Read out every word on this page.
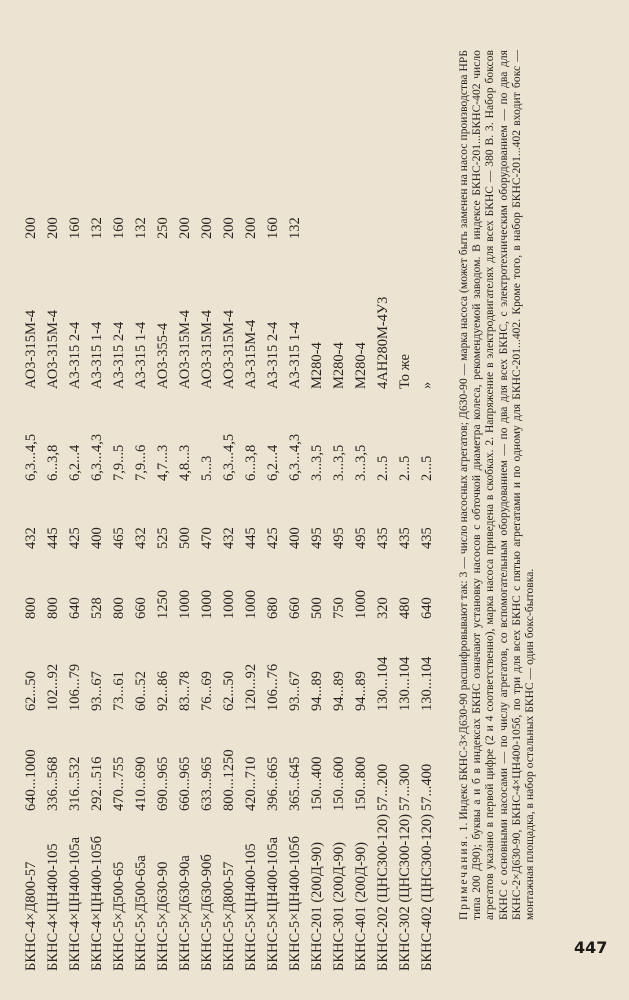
БКНС-4×Д800-57	640...1000	62...50	800	432	6,3...4,5	АО3-315М-4	200
БКНС-4×ЦН400-105	336...568	102...92	800	445	6...3,8	АО3-315М-4	200
БКНС-4×ЦН400-105а	316...532	106...79	640	425	6,2...4	А3-315 2-4	160
БКНС-4×ЦН400-105б	292...516	93...67	528	400	6,3...4,3	А3-315 1-4	132
БКНС-5×Д500-65	470...755	73...61	800	465	7,9...5	А3-315 2-4	160
БКНС-5×Д500-65а	410...690	60...52	660	432	7,9...6	А3-315 1-4	132
БКНС-5×Д630-90	690...965	92...86	1250	525	4,7...3	АО3-355-4	250
БКНС-5×Д630-90а	660...965	83...78	1000	500	4,8...3	АО3-315М-4	200
БКНС-5×Д630-90б	633...965	76...69	1000	470	5...3	АО3-315М-4	200
БКНС-5×Д800-57	800...1250	62...50	1000	432	6,3...4,5	АО3-315М-4	200
БКНС-5×ЦН400-105	420...710	120...92	1000	445	6...3,8	А3-315М-4	200
БКНС-5×ЦН400-105а	396...665	106...76	680	425	6,2...4	А3-315 2-4	160
БКНС-5×ЦН400-105б	365...645	93...67	660	400	6,3...4,3	А3-315 1-4	132
БКНС-201 (200Д-90)	150...400	94...89	500	495	3...3,5	М280-4	
БКНС-301 (200Д-90)	150...600	94...89	750	495	3...3,5	М280-4	
БКНС-401 (200Д-90)	150...800	94...89	1000	495	3...3,5	М280-4	
БКНС-202 (ЦНС300-120)	57...200	130...104	320	435	2...5	4АН280М-4У3	
БКНС-302 (ЦНС300-120)	57...300	130...104	480	435	2...5	То же	
БКНС-402 (ЦНС300-120)	57...400	130...104	640	435	2...5	»	
Примечания. 1. Индекс БКНС-3×Д630-90 расшифровывают так: 3 — число насосных агрегатов; Д630-90 — марка насоса (может быть заменен на насос производства НРБ типа 200 Д90); буквы а и б в индексах БКНС означают установку насосов с обточкой диаметра колеса, рекомендуемой заводом. В индексе БКНС-201...БКНС-402 число агрегатов указано в первой цифре (2 и 4 соответственно), марка насоса приведена в скобках. 2. Напряжение в электродвигателях для всех БКНС — 380 В. 3. Набор боксов БКНС с основными насосами — по числу агрегатов, со вспомогательным оборудованием — по два для всех БКНС, с электротехническим оборудованием — по два для БКНС-2×Д630-90, БКНС-4×ЦН400-105б, по три для всех БКНС с пятью агрегатами и по одному для БКНС-201...402. Кроме того, в набор БКНС-201...402 входит бокс — монтажная площадка, в набор остальных БКНС — один бокс-бытовка.
447
